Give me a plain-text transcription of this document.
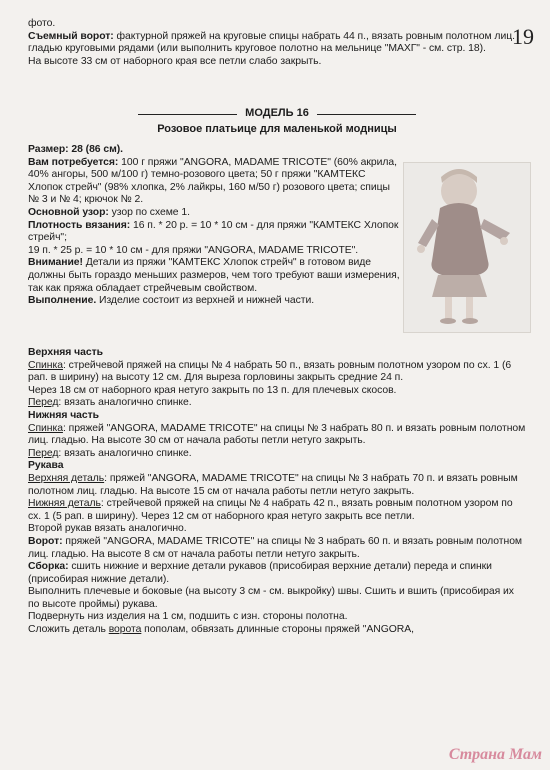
19

фото.

Съемный ворот: фактурной пряжей на круговые спицы набрать 44 п., вязать ровным полотном лиц. гладью круговыми рядами (или выполнить круговое полотно на мельнице "МАХГ" - см. стр. 18).

На высоте 33 см от наборного края все петли слабо закрыть.

МОДЕЛЬ 16
Розовое платьице для маленькой модницы

Размер: 28 (86 см).

Вам потребуется: 100 г пряжи "ANGORA, MADAME TRICOTE" (60% акрила, 40% ангоры, 500 м/100 г) темно-розового цвета; 50 г пряжи "КАМТЕКС Хлопок стрейч" (98% хлопка, 2% лайкры, 160 м/50 г) розового цвета; спицы № 3 и № 4; крючок № 2.

Основной узор: узор по схеме 1.

Плотность вязания: 16 п. * 20 р. = 10 * 10 см - для пряжи "КАМТЕКС Хлопок стрейч";

19 п. * 25 р. = 10 * 10 см - для пряжи "ANGORA, MADAME TRICOTE".

Внимание! Детали из пряжи "КАМТЕКС Хлопок стрейч" в готовом виде должны быть гораздо меньших размеров, чем того требуют ваши измерения, так как пряжа обладает стрейчевым свойством.

Выполнение. Изделие состоит из верхней и нижней части.

Верхняя часть

Спинка: стрейчевой пряжей на спицы № 4 набрать 50 п., вязать ровным полотном узором по сх. 1 (6 рап. в ширину) на высоту 12 см. Для выреза горловины закрыть средние 24 п.

Через 18 см от наборного края нетуго закрыть по 13 п. для плечевых скосов.

Перед: вязать аналогично спинке.

Нижняя часть

Спинка: пряжей "ANGORA, MADAME TRICOTE" на спицы № 3 набрать 80 п. и вязать ровным полотном лиц. гладью. На высоте 30 см от начала работы петли нетуго закрыть.

Перед: вязать аналогично спинке.

Рукава

Верхняя деталь: пряжей "ANGORA, MADAME TRICOTE" на спицы № 3 набрать 70 п. и вязать ровным полотном лиц. гладью. На высоте 15 см от начала работы петли нетуго закрыть.

Нижняя деталь: стрейчевой пряжей на спицы № 4 набрать 42 п., вязать ровным полотном узором по сх. 1 (5 рап. в ширину). Через 12 см от наборного края нетуго закрыть все петли.

Второй рукав вязать аналогично.

Ворот: пряжей "ANGORA, MADAME TRICOTE" на спицы № 3 набрать 60 п. и вязать ровным полотном лиц. гладью. На высоте 8 см от начала работы петли нетуго закрыть.

Сборка: сшить нижние и верхние детали рукавов (присобирая верхние детали) переда и спинки (присобирая нижние детали).

Выполнить плечевые и боковые (на высоту 3 см - см. выкройку) швы. Сшить и вшить (присобирая их по высоте проймы) рукава.

Подвернуть низ изделия на 1 см, подшить с изн. стороны полотна.

Сложить деталь ворота пополам, обвязать длинные стороны пряжей "ANGORA,

Страна Мам
